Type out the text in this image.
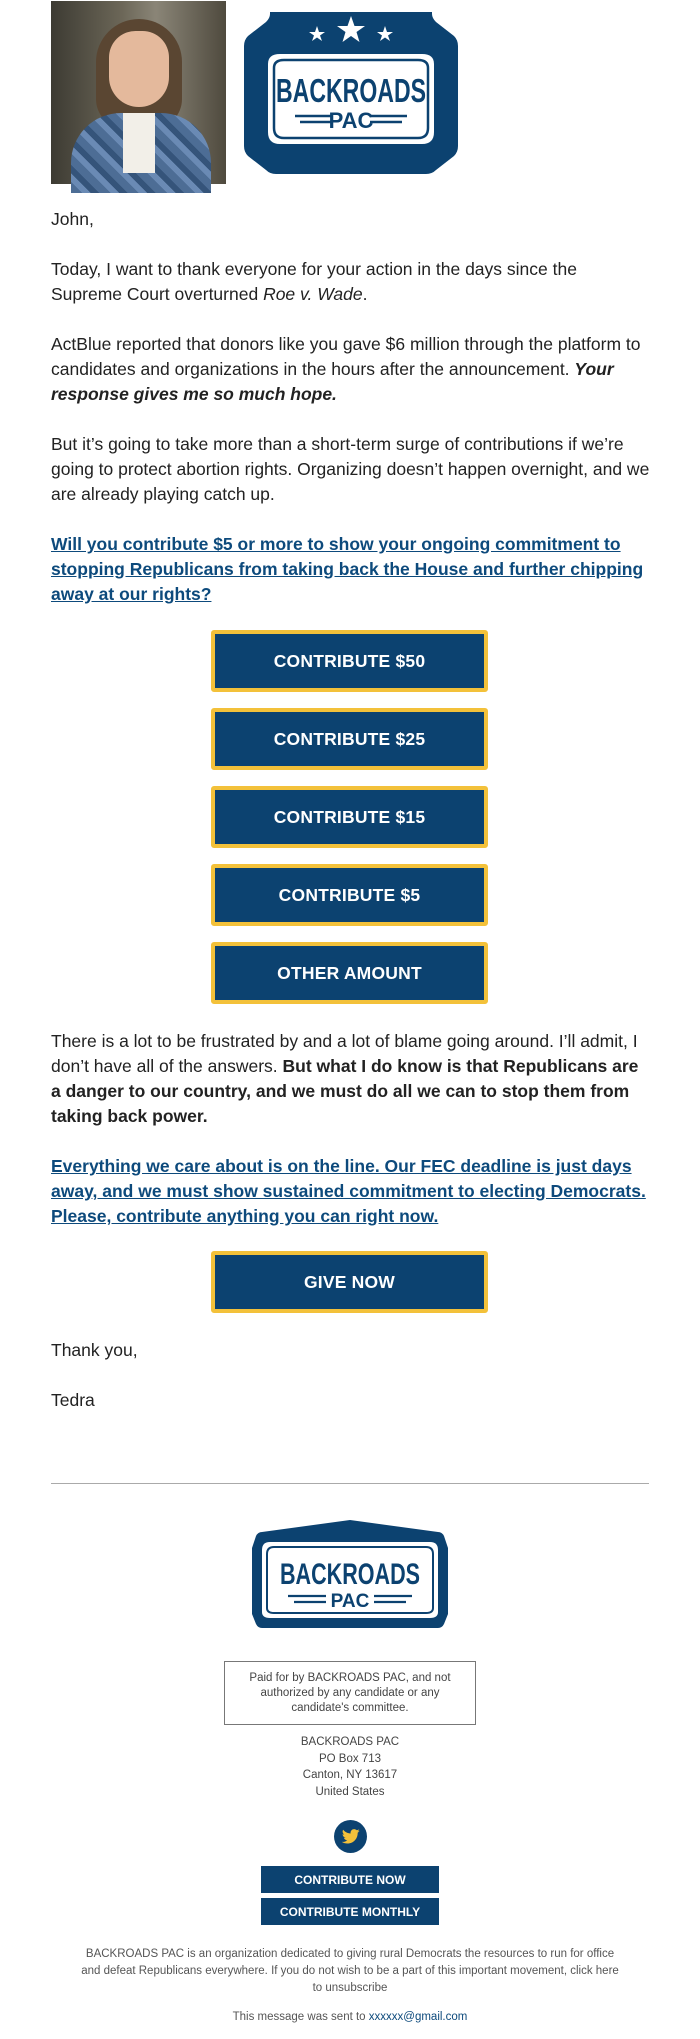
BACKROADS
PAC
John,
Today, I want to thank everyone for your action in the days since the Supreme Court overturned Roe v. Wade.
ActBlue reported that donors like you gave $6 million through the platform to candidates and organizations in the hours after the announcement. Your response gives me so much hope.
But it’s going to take more than a short-term surge of contributions if we’re going to protect abortion rights. Organizing doesn’t happen overnight, and we are already playing catch up.
Will you contribute $5 or more to show your ongoing commitment to stopping Republicans from taking back the House and further chipping away at our rights?
CONTRIBUTE $50
CONTRIBUTE $25
CONTRIBUTE $15
CONTRIBUTE $5
OTHER AMOUNT
There is a lot to be frustrated by and a lot of blame going around. I’ll admit, I don’t have all of the answers. But what I do know is that Republicans are a danger to our country, and we must do all we can to stop them from taking back power.
Everything we care about is on the line. Our FEC deadline is just days away, and we must show sustained commitment to electing Democrats. Please, contribute anything you can right now.
GIVE NOW
Thank you,
Tedra
BACKROADS
PAC
Paid for by BACKROADS PAC, and not authorized by any candidate or any candidate's committee.
BACKROADS PAC
PO Box 713
Canton, NY 13617
United States
CONTRIBUTE NOW
CONTRIBUTE MONTHLY
BACKROADS PAC is an organization dedicated to giving rural Democrats the resources to run for office and defeat Republicans everywhere. If you do not wish to be a part of this important movement, click here to unsubscribe
This message was sent to xxxxxx@gmail.com
